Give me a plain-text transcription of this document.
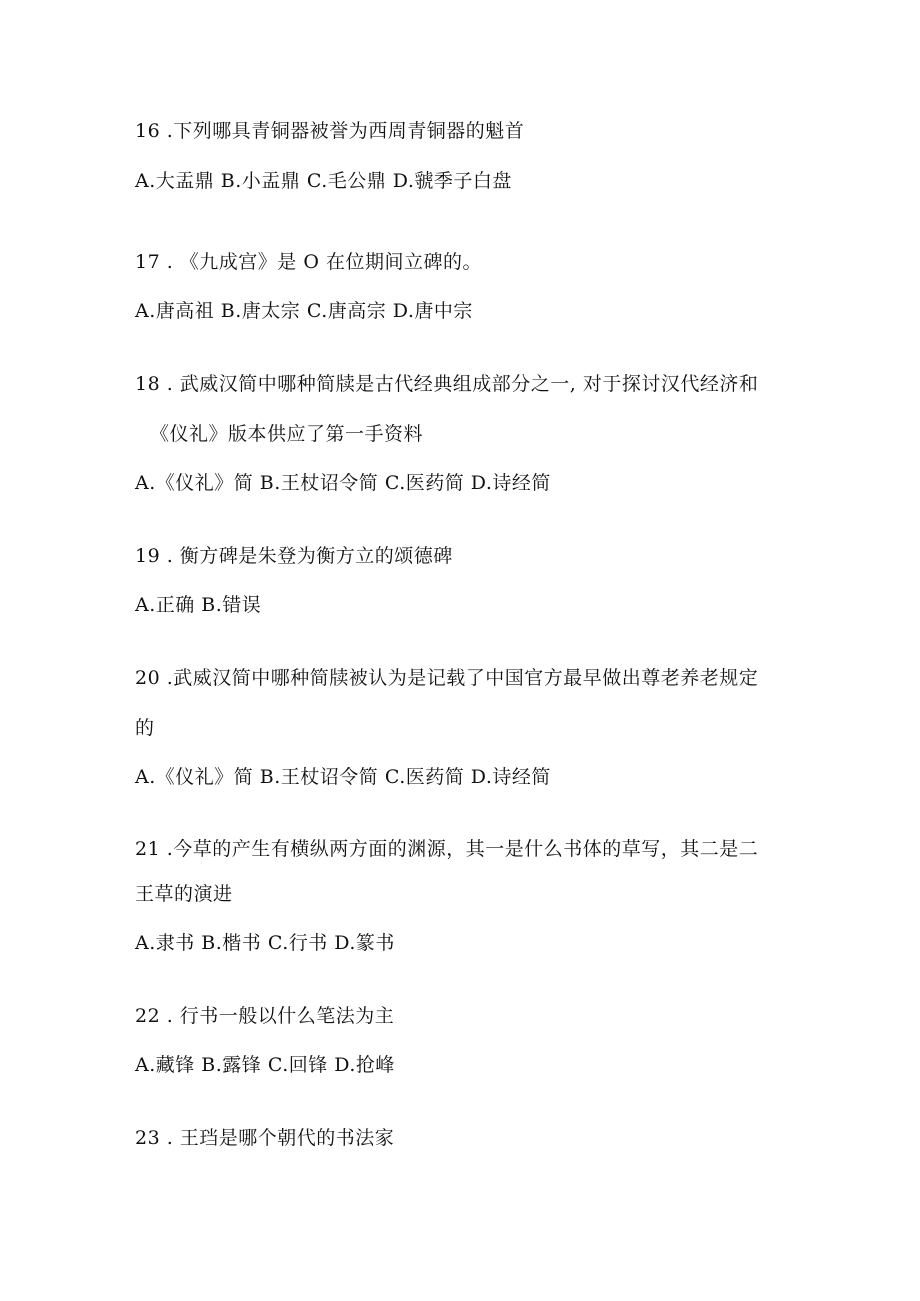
16 .下列哪具青铜器被誉为西周青铜器的魁首

A.大盂鼎 B.小盂鼎 C.毛公鼎 D.虢季子白盘

17 . 《九成宫》是 O 在位期间立碑的。

A.唐高祖 B.唐太宗 C.唐高宗 D.唐中宗

18 . 武威汉简中哪种简牍是古代经典组成部分之一, 对于探讨汉代经济和

《仪礼》版本供应了第一手资料

A.《仪礼》简 B.王杖诏令简 C.医药简 D.诗经简

19 . 衡方碑是朱登为衡方立的颂德碑

A.正确 B.错误

20 .武威汉简中哪种简牍被认为是记载了中国官方最早做出尊老养老规定

的

A.《仪礼》简 B.王杖诏令简 C.医药简 D.诗经简

21 .今草的产生有横纵两方面的渊源，其一是什么书体的草写，其二是二

王草的演进

A.隶书 B.楷书 C.行书 D.篆书

22 . 行书一般以什么笔法为主

A.藏锋 B.露锋 C.回锋 D.抢峰

23 . 王珰是哪个朝代的书法家
